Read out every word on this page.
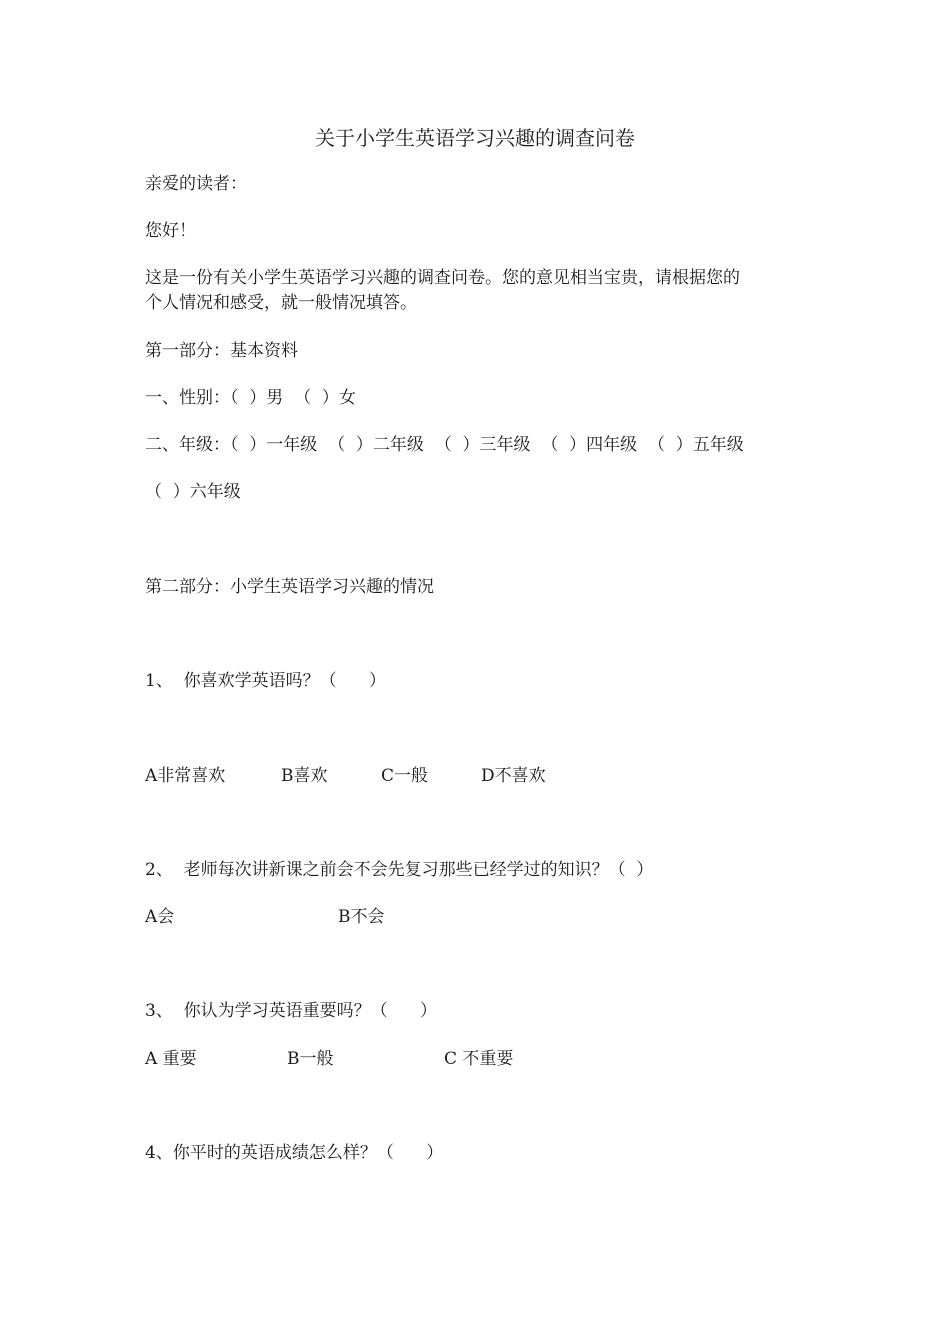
关于小学生英语学习兴趣的调查问卷
亲爱的读者：
您好！
这是一份有关小学生英语学习兴趣的调查问卷。您的意见相当宝贵，请根据您的
个人情况和感受，就一般情况填答。
第一部分：基本资料
一、性别：（  ）男  （  ）女
二、年级：（  ）一年级  （  ）二年级  （  ）三年级  （  ）四年级  （  ）五年级
（  ）六年级
第二部分：小学生英语学习兴趣的情况
1、  你喜欢学英语吗？（      ）
A非常喜欢	B喜欢	C一般	D不喜欢
2、  老师每次讲新课之前会不会先复习那些已经学过的知识？（  ）
A会	B不会
3、  你认为学习英语重要吗？（      ）
A 重要	B一般	C 不重要
4、你平时的英语成绩怎么样？（      ）
